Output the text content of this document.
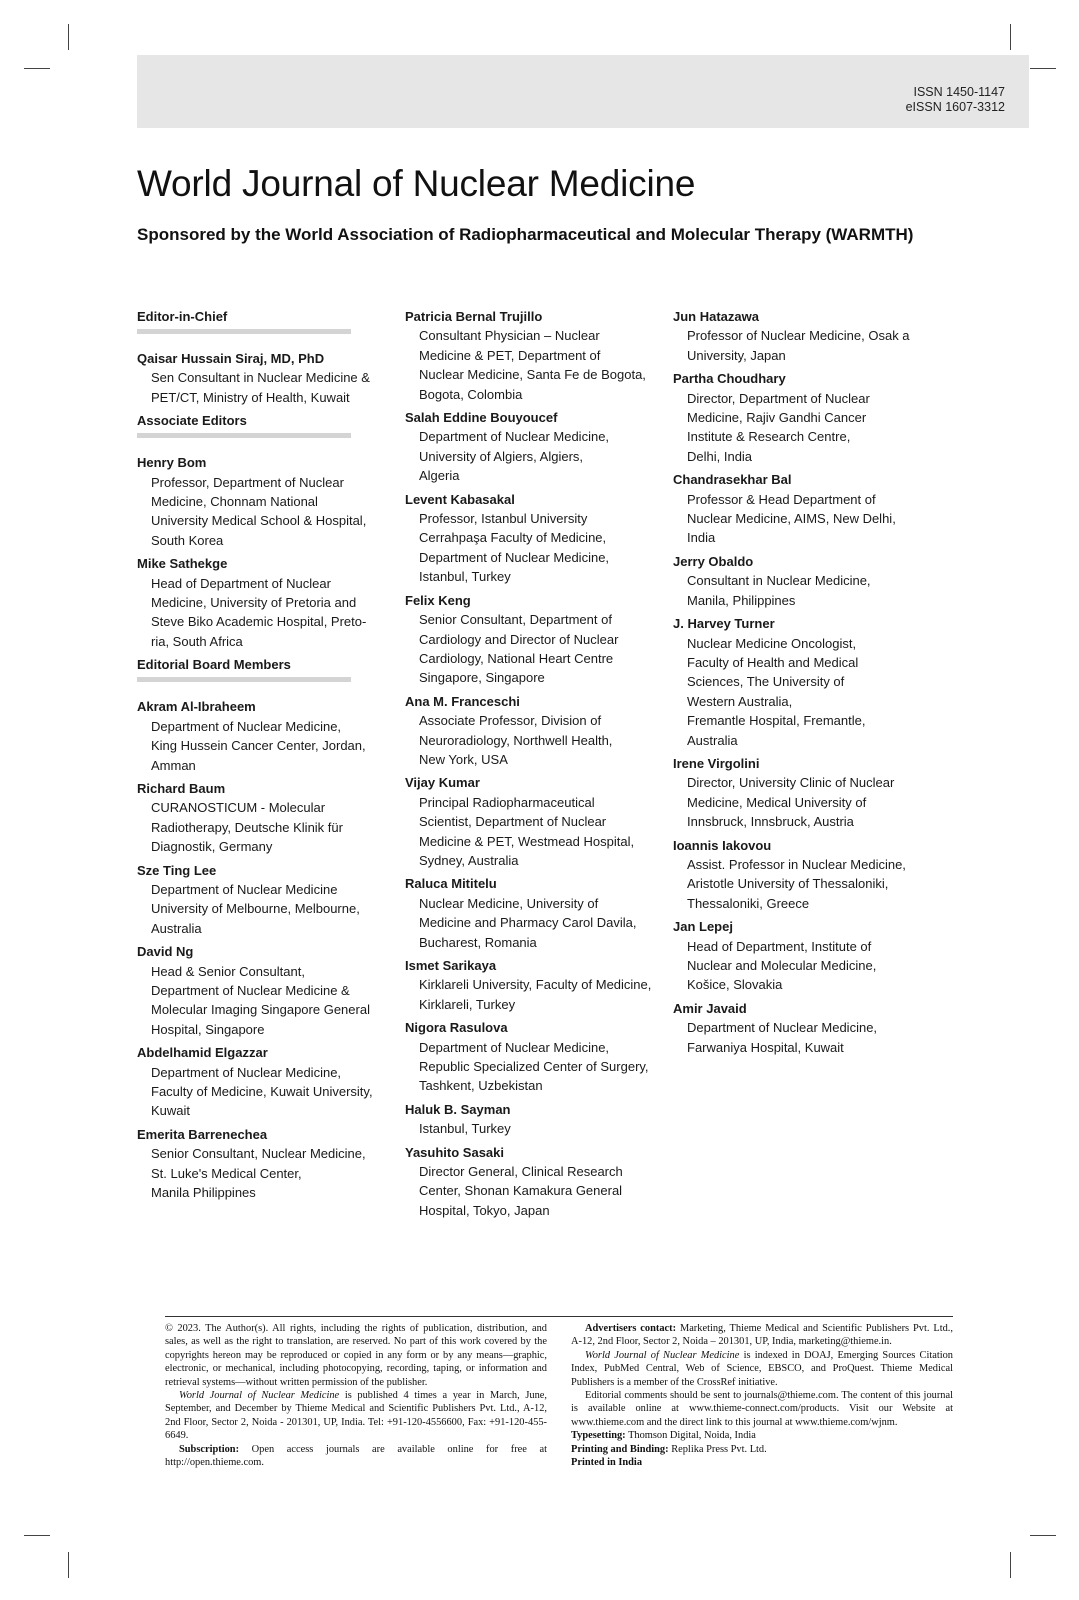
ISSN 1450-1147
eISSN 1607-3312
World Journal of Nuclear Medicine
Sponsored by the World Association of Radiopharmaceutical and Molecular Therapy (WARMTH)
Editor-in-Chief
Qaisar Hussain Siraj, MD, PhD
Sen Consultant in Nuclear Medicine &
PET/CT, Ministry of Health, Kuwait
Associate Editors
Henry Bom
Professor, Department of Nuclear
Medicine, Chonnam National
University Medical School & Hospital,
South Korea
Mike Sathekge
Head of Department of Nuclear
Medicine, University of Pretoria and
Steve Biko Academic Hospital, Preto-
ria, South Africa
Editorial Board Members
Akram Al-Ibraheem
Department of Nuclear Medicine,
King Hussein Cancer Center, Jordan,
Amman
Richard Baum
CURANOSTICUM - Molecular
Radiotherapy, Deutsche Klinik für
Diagnostik, Germany
Sze Ting Lee
Department of Nuclear Medicine
University of Melbourne, Melbourne,
Australia
David Ng
Head & Senior Consultant,
Department of Nuclear Medicine &
Molecular Imaging Singapore General
Hospital, Singapore
Abdelhamid Elgazzar
Department of Nuclear Medicine,
Faculty of Medicine, Kuwait University,
Kuwait
Emerita Barrenechea
Senior Consultant, Nuclear Medicine,
St. Luke's Medical Center,
Manila Philippines
Patricia Bernal Trujillo
Consultant Physician – Nuclear
Medicine & PET, Department of
Nuclear Medicine, Santa Fe de Bogota,
Bogota, Colombia
Salah Eddine Bouyoucef
Department of Nuclear Medicine,
University of Algiers, Algiers,
Algeria
Levent Kabasakal
Professor, Istanbul University
Cerrahpaşa Faculty of Medicine,
Department of Nuclear Medicine,
Istanbul, Turkey
Felix Keng
Senior Consultant, Department of
Cardiology and Director of Nuclear
Cardiology, National Heart Centre
Singapore, Singapore
Ana M. Franceschi
Associate Professor, Division of
Neuroradiology, Northwell Health,
New York, USA
Vijay Kumar
Principal Radiopharmaceutical
Scientist, Department of Nuclear
Medicine & PET, Westmead Hospital,
Sydney, Australia
Raluca Mititelu
Nuclear Medicine, University of
Medicine and Pharmacy Carol Davila,
Bucharest, Romania
Ismet Sarikaya
Kirklareli University, Faculty of Medicine,
Kirklareli, Turkey
Nigora Rasulova
Department of Nuclear Medicine,
Republic Specialized Center of Surgery,
Tashkent, Uzbekistan
Haluk B. Sayman
Istanbul, Turkey
Yasuhito Sasaki
Director General, Clinical Research
Center, Shonan Kamakura General
Hospital, Tokyo, Japan
Jun Hatazawa
Professor of Nuclear Medicine, Osak a
University, Japan
Partha Choudhary
Director, Department of Nuclear
Medicine, Rajiv Gandhi Cancer
Institute & Research Centre,
Delhi, India
Chandrasekhar Bal
Professor & Head Department of
Nuclear Medicine, AIMS, New Delhi,
India
Jerry Obaldo
Consultant in Nuclear Medicine,
Manila, Philippines
J. Harvey Turner
Nuclear Medicine Oncologist,
Faculty of Health and Medical
Sciences, The University of
Western Australia,
Fremantle Hospital, Fremantle,
Australia
Irene Virgolini
Director, University Clinic of Nuclear
Medicine, Medical University of
Innsbruck, Innsbruck, Austria
Ioannis Iakovou
Assist. Professor in Nuclear Medicine,
Aristotle University of Thessaloniki,
Thessaloniki, Greece
Jan Lepej
Head of Department, Institute of
Nuclear and Molecular Medicine,
Košice, Slovakia
Amir Javaid
Department of Nuclear Medicine,
Farwaniya Hospital, Kuwait

© 2023. The Author(s). All rights, including the rights of publication, distribution, and sales, as well as the right to translation, are reserved. No part of this work covered by the copyrights hereon may be reproduced or copied in any form or by any means—graphic, electronic, or mechanical, including photocopying, recording, taping, or information and retrieval systems—without written permission of the publisher.

World Journal of Nuclear Medicine is published 4 times a year in March, June, September, and December by Thieme Medical and Scientific Publishers Pvt. Ltd., A-12, 2nd Floor, Sector 2, Noida - 201301, UP, India. Tel: +91-120-4556600, Fax: +91-120-455-6649.

Subscription: Open access journals are available online for free at http://open.thieme.com.

Advertisers contact: Marketing, Thieme Medical and Scientific Publishers Pvt. Ltd., A-12, 2nd Floor, Sector 2, Noida – 201301, UP, India, marketing@thieme.in.

World Journal of Nuclear Medicine is indexed in DOAJ, Emerging Sources Citation Index, PubMed Central, Web of Science, EBSCO, and ProQuest. Thieme Medical Publishers is a member of the CrossRef initiative.

Editorial comments should be sent to journals@thieme.com. The content of this journal is available online at www.thieme-connect.com/products. Visit our Website at www.thieme.com and the direct link to this journal at www.thieme.com/wjnm.

Typesetting: Thomson Digital, Noida, India

Printing and Binding: Replika Press Pvt. Ltd.

Printed in India
